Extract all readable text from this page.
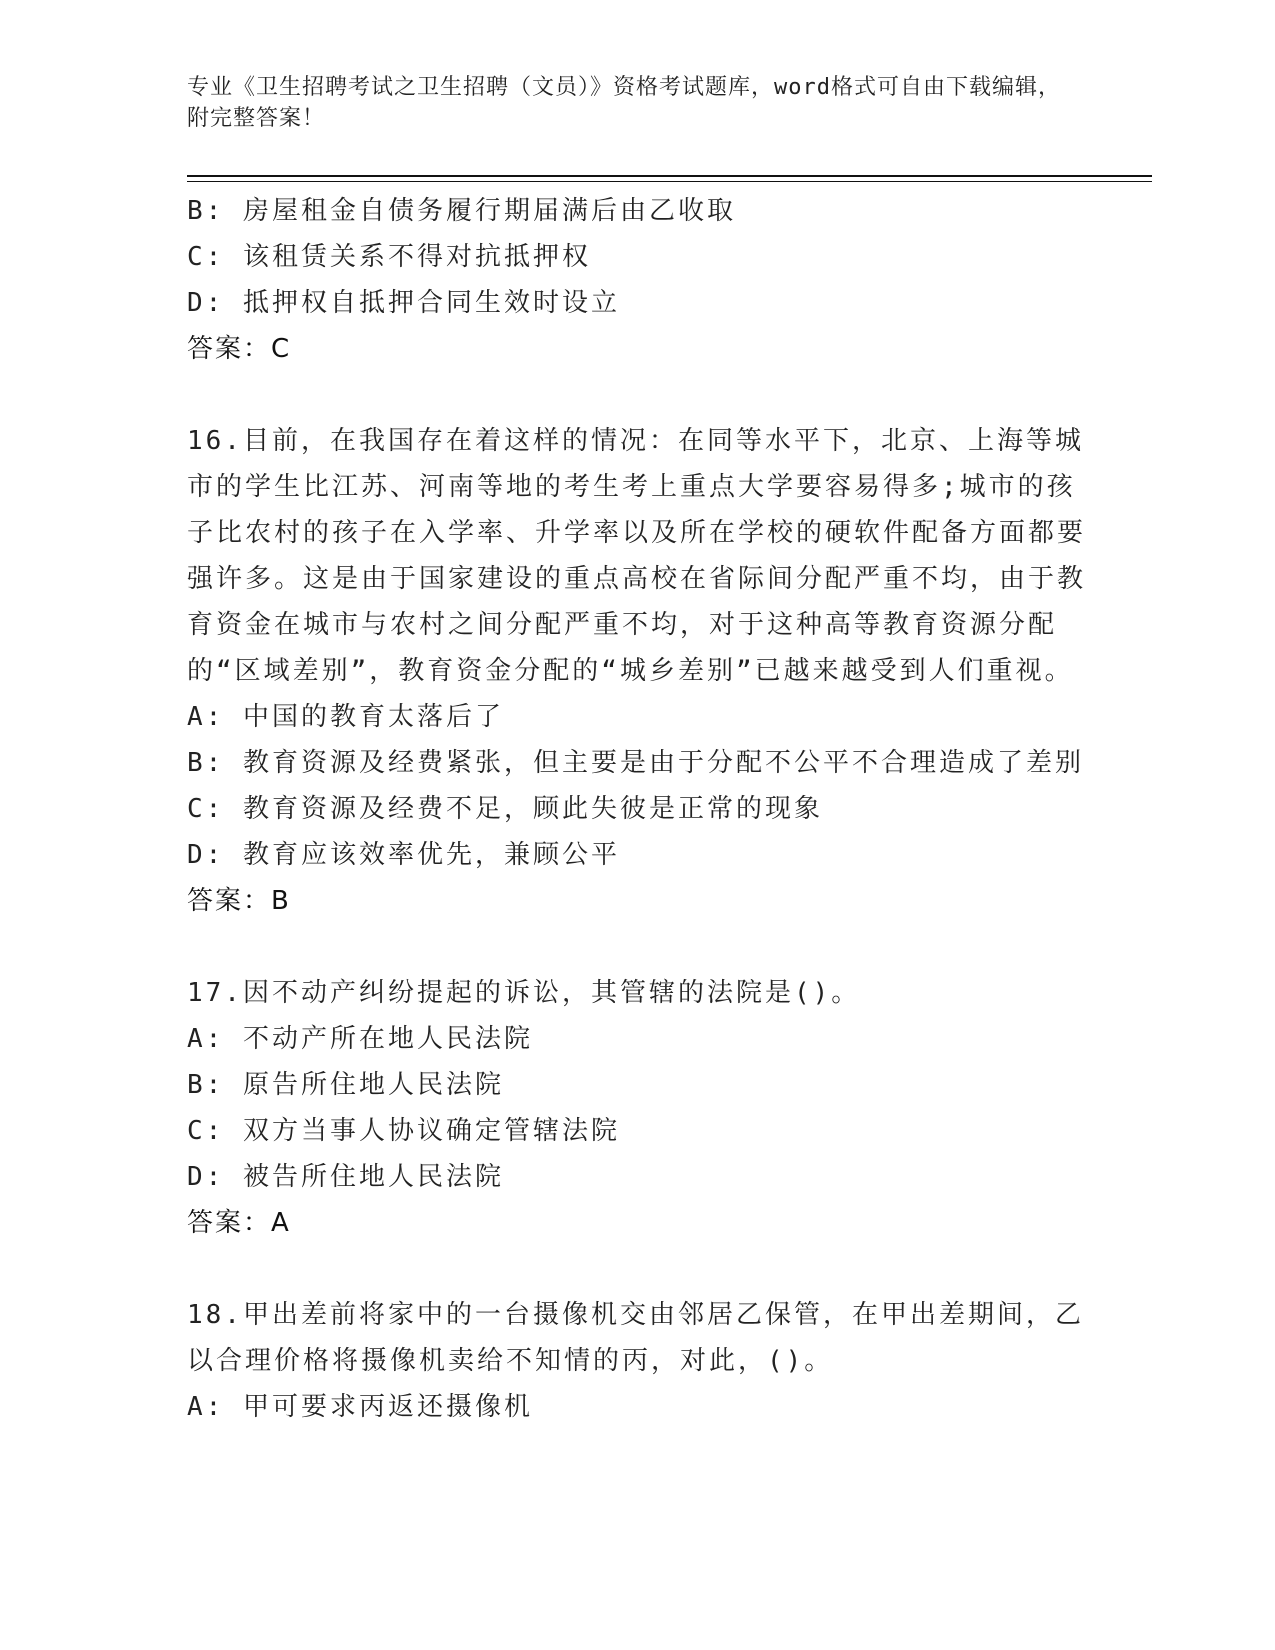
专业《卫生招聘考试之卫生招聘（文员）》资格考试题库，word格式可自由下载编辑，附完整答案！
B: 房屋租金自债务履行期届满后由乙收取
C: 该租赁关系不得对抗抵押权
D: 抵押权自抵押合同生效时设立
答案：C
16.目前，在我国存在着这样的情况：在同等水平下，北京、上海等城市的学生比江苏、河南等地的考生考上重点大学要容易得多;城市的孩子比农村的孩子在入学率、升学率以及所在学校的硬软件配备方面都要强许多。这是由于国家建设的重点高校在省际间分配严重不均，由于教育资金在城市与农村之间分配严重不均，对于这种高等教育资源分配的“区域差别”，教育资金分配的“城乡差别”已越来越受到人们重视。
A: 中国的教育太落后了
B: 教育资源及经费紧张，但主要是由于分配不公平不合理造成了差别
C: 教育资源及经费不足，顾此失彼是正常的现象
D: 教育应该效率优先，兼顾公平
答案：B
17.因不动产纠纷提起的诉讼，其管辖的法院是()。
A: 不动产所在地人民法院
B: 原告所住地人民法院
C: 双方当事人协议确定管辖法院
D: 被告所住地人民法院
答案：A
18.甲出差前将家中的一台摄像机交由邻居乙保管，在甲出差期间，乙以合理价格将摄像机卖给不知情的丙，对此，()。
A: 甲可要求丙返还摄像机
